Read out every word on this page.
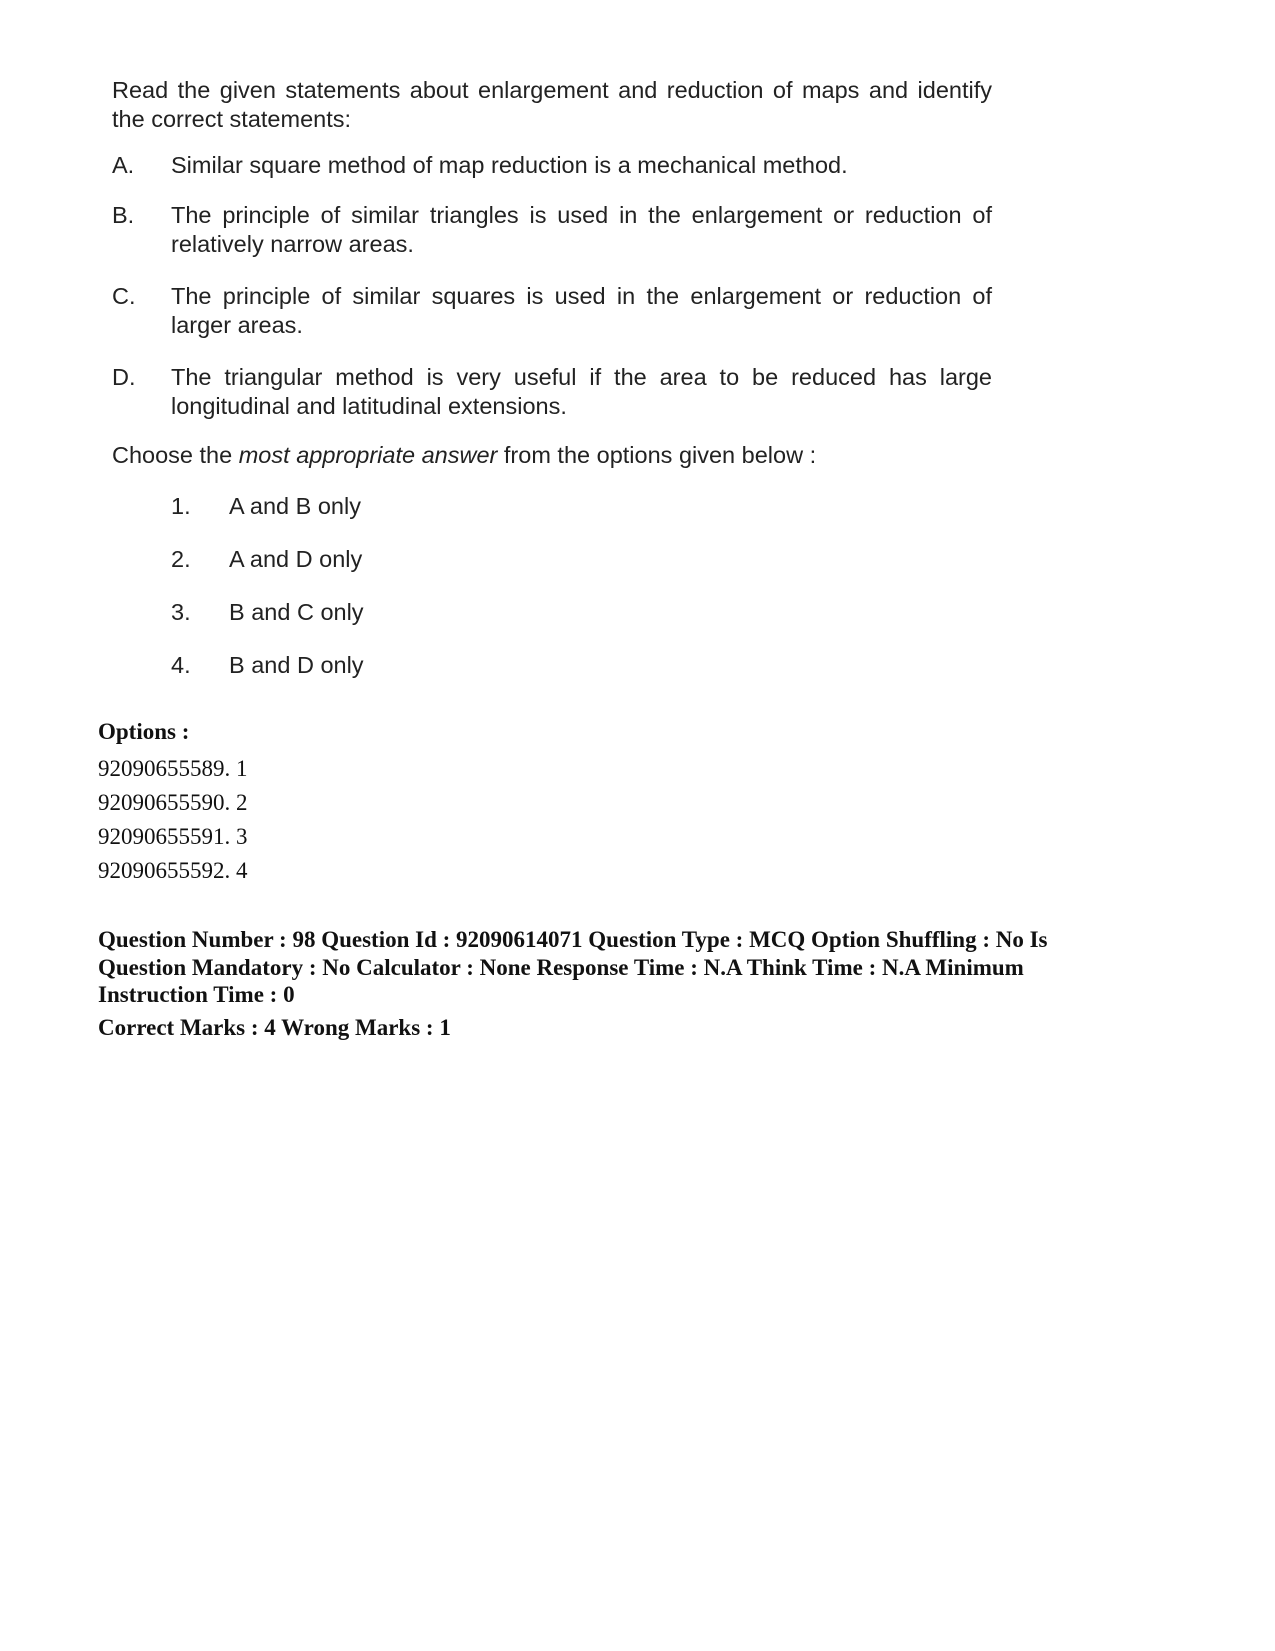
Read the given statements about enlargement and reduction of maps and identify the correct statements:

A.	Similar square method of map reduction is a mechanical method.
B.	The principle of similar triangles is used in the enlargement or reduction of relatively narrow areas.
C.	The principle of similar squares is used in the enlargement or reduction of larger areas.
D.	The triangular method is very useful if the area to be reduced has large longitudinal and latitudinal extensions.

Choose the most appropriate answer from the options given below :

1.	A and B only
2.	A and D only
3.	B and C only
4.	B and D only
Options :
92090655589. 1
92090655590. 2
92090655591. 3
92090655592. 4
Question Number : 98 Question Id : 92090614071 Question Type : MCQ Option Shuffling : No Is
Question Mandatory : No Calculator : None Response Time : N.A Think Time : N.A Minimum
Instruction Time : 0
Correct Marks : 4 Wrong Marks : 1
